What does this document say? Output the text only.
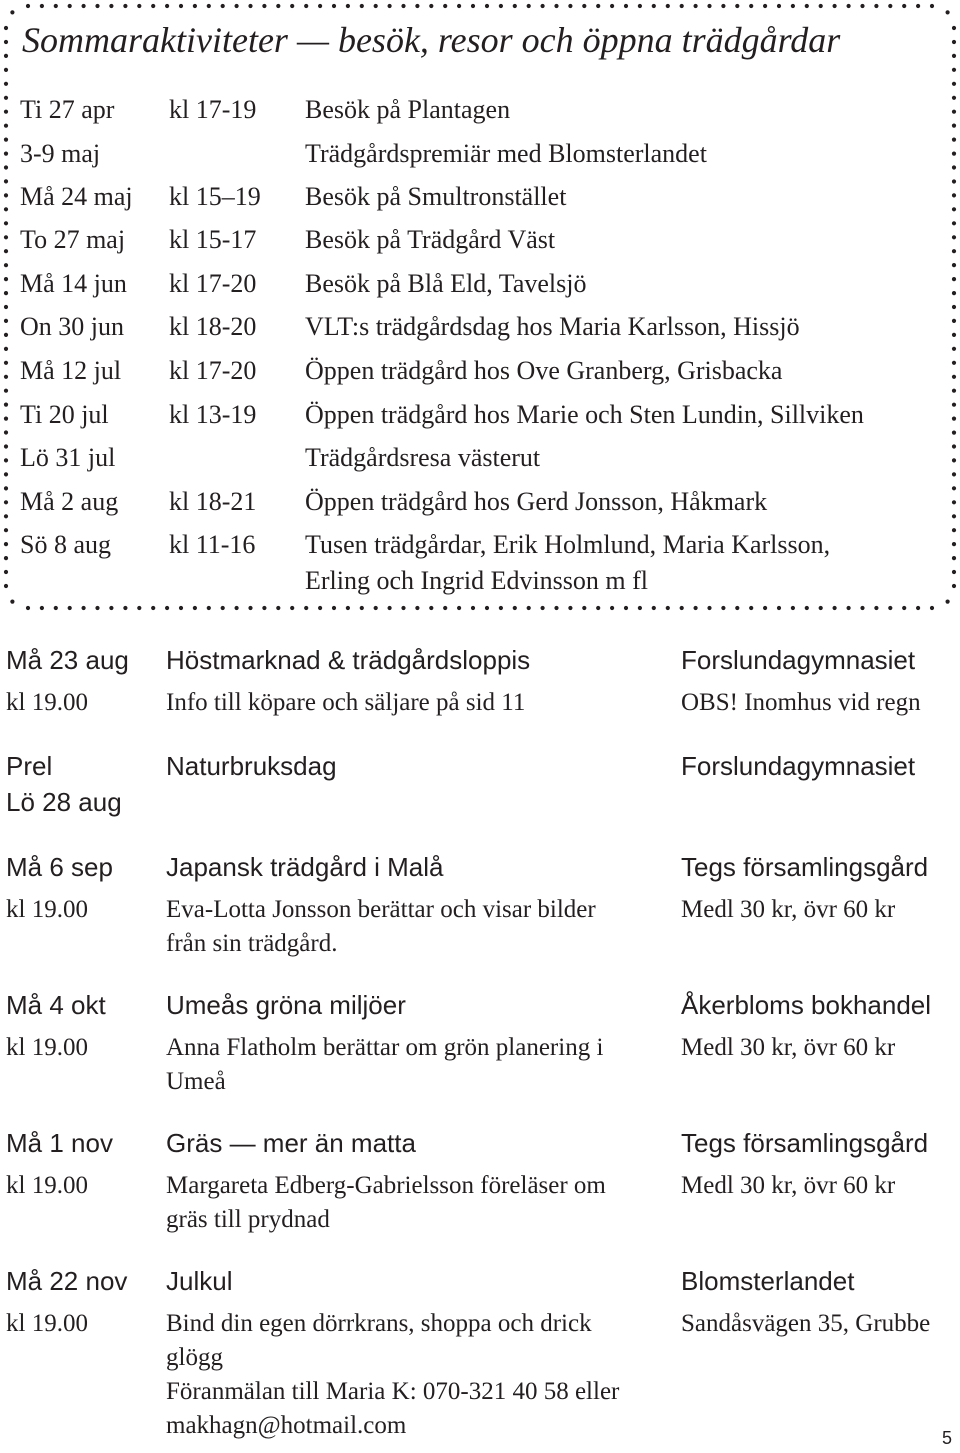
Sommaraktiviteter — besök, resor och öppna trädgårdar
Ti 27 apr kl 17-19 Besök på Plantagen
3-9 maj	Trädgårdspremiär med Blomsterlandet
Må 24 maj kl 15–19 Besök på Smultronstället
To 27 maj kl 15-17 Besök på Trädgård Väst
Må 14 jun kl 17-20 Besök på Blå Eld, Tavelsjö
On 30 jun kl 18-20 VLT:s trädgårdsdag hos Maria Karlsson, Hissjö
Må 12 jul kl 17-20 Öppen trädgård hos Ove Granberg, Grisbacka
Ti 20 jul kl 13-19 Öppen trädgård hos Marie och Sten Lundin, Sillviken
Lö 31 jul	Trädgårdsresa västerut
Må 2 aug kl 18-21 Öppen trädgård hos Gerd Jonsson, Håkmark
Sö 8 aug kl 11-16 Tusen trädgårdar, Erik Holmlund, Maria Karlsson,
Erling och Ingrid Edvinsson m fl
Må 23 aug Höstmarknad & trädgårdsloppis	Forslundagymnasiet
kl 19.00	Info till köpare och säljare på sid 11	OBS! Inomhus vid regn
Prel	Naturbruksdag	Forslundagymnasiet
Lö 28 aug
Må 6 sep Japansk trädgård i Malå	Tegs församlingsgård
kl 19.00	Eva-Lotta Jonsson berättar och visar bilder	Medl 30 kr, övr 60 kr
från sin trädgård.
Må 4 okt Umeås gröna miljöer	Åkerbloms bokhandel
kl 19.00	Anna Flatholm berättar om grön planering i	Medl 30 kr, övr 60 kr
Umeå
Må 1 nov Gräs — mer än matta	Tegs församlingsgård
kl 19.00	Margareta Edberg-Gabrielsson föreläser om	Medl 30 kr, övr 60 kr
gräs till prydnad
Må 22 nov Julkul	Blomsterlandet
kl 19.00	Bind din egen dörrkrans, shoppa och drick	Sandåsvägen 35, Grubbe
glögg
Föranmälan till Maria K: 070-321 40 58 eller
makhagn@hotmail.com	5
